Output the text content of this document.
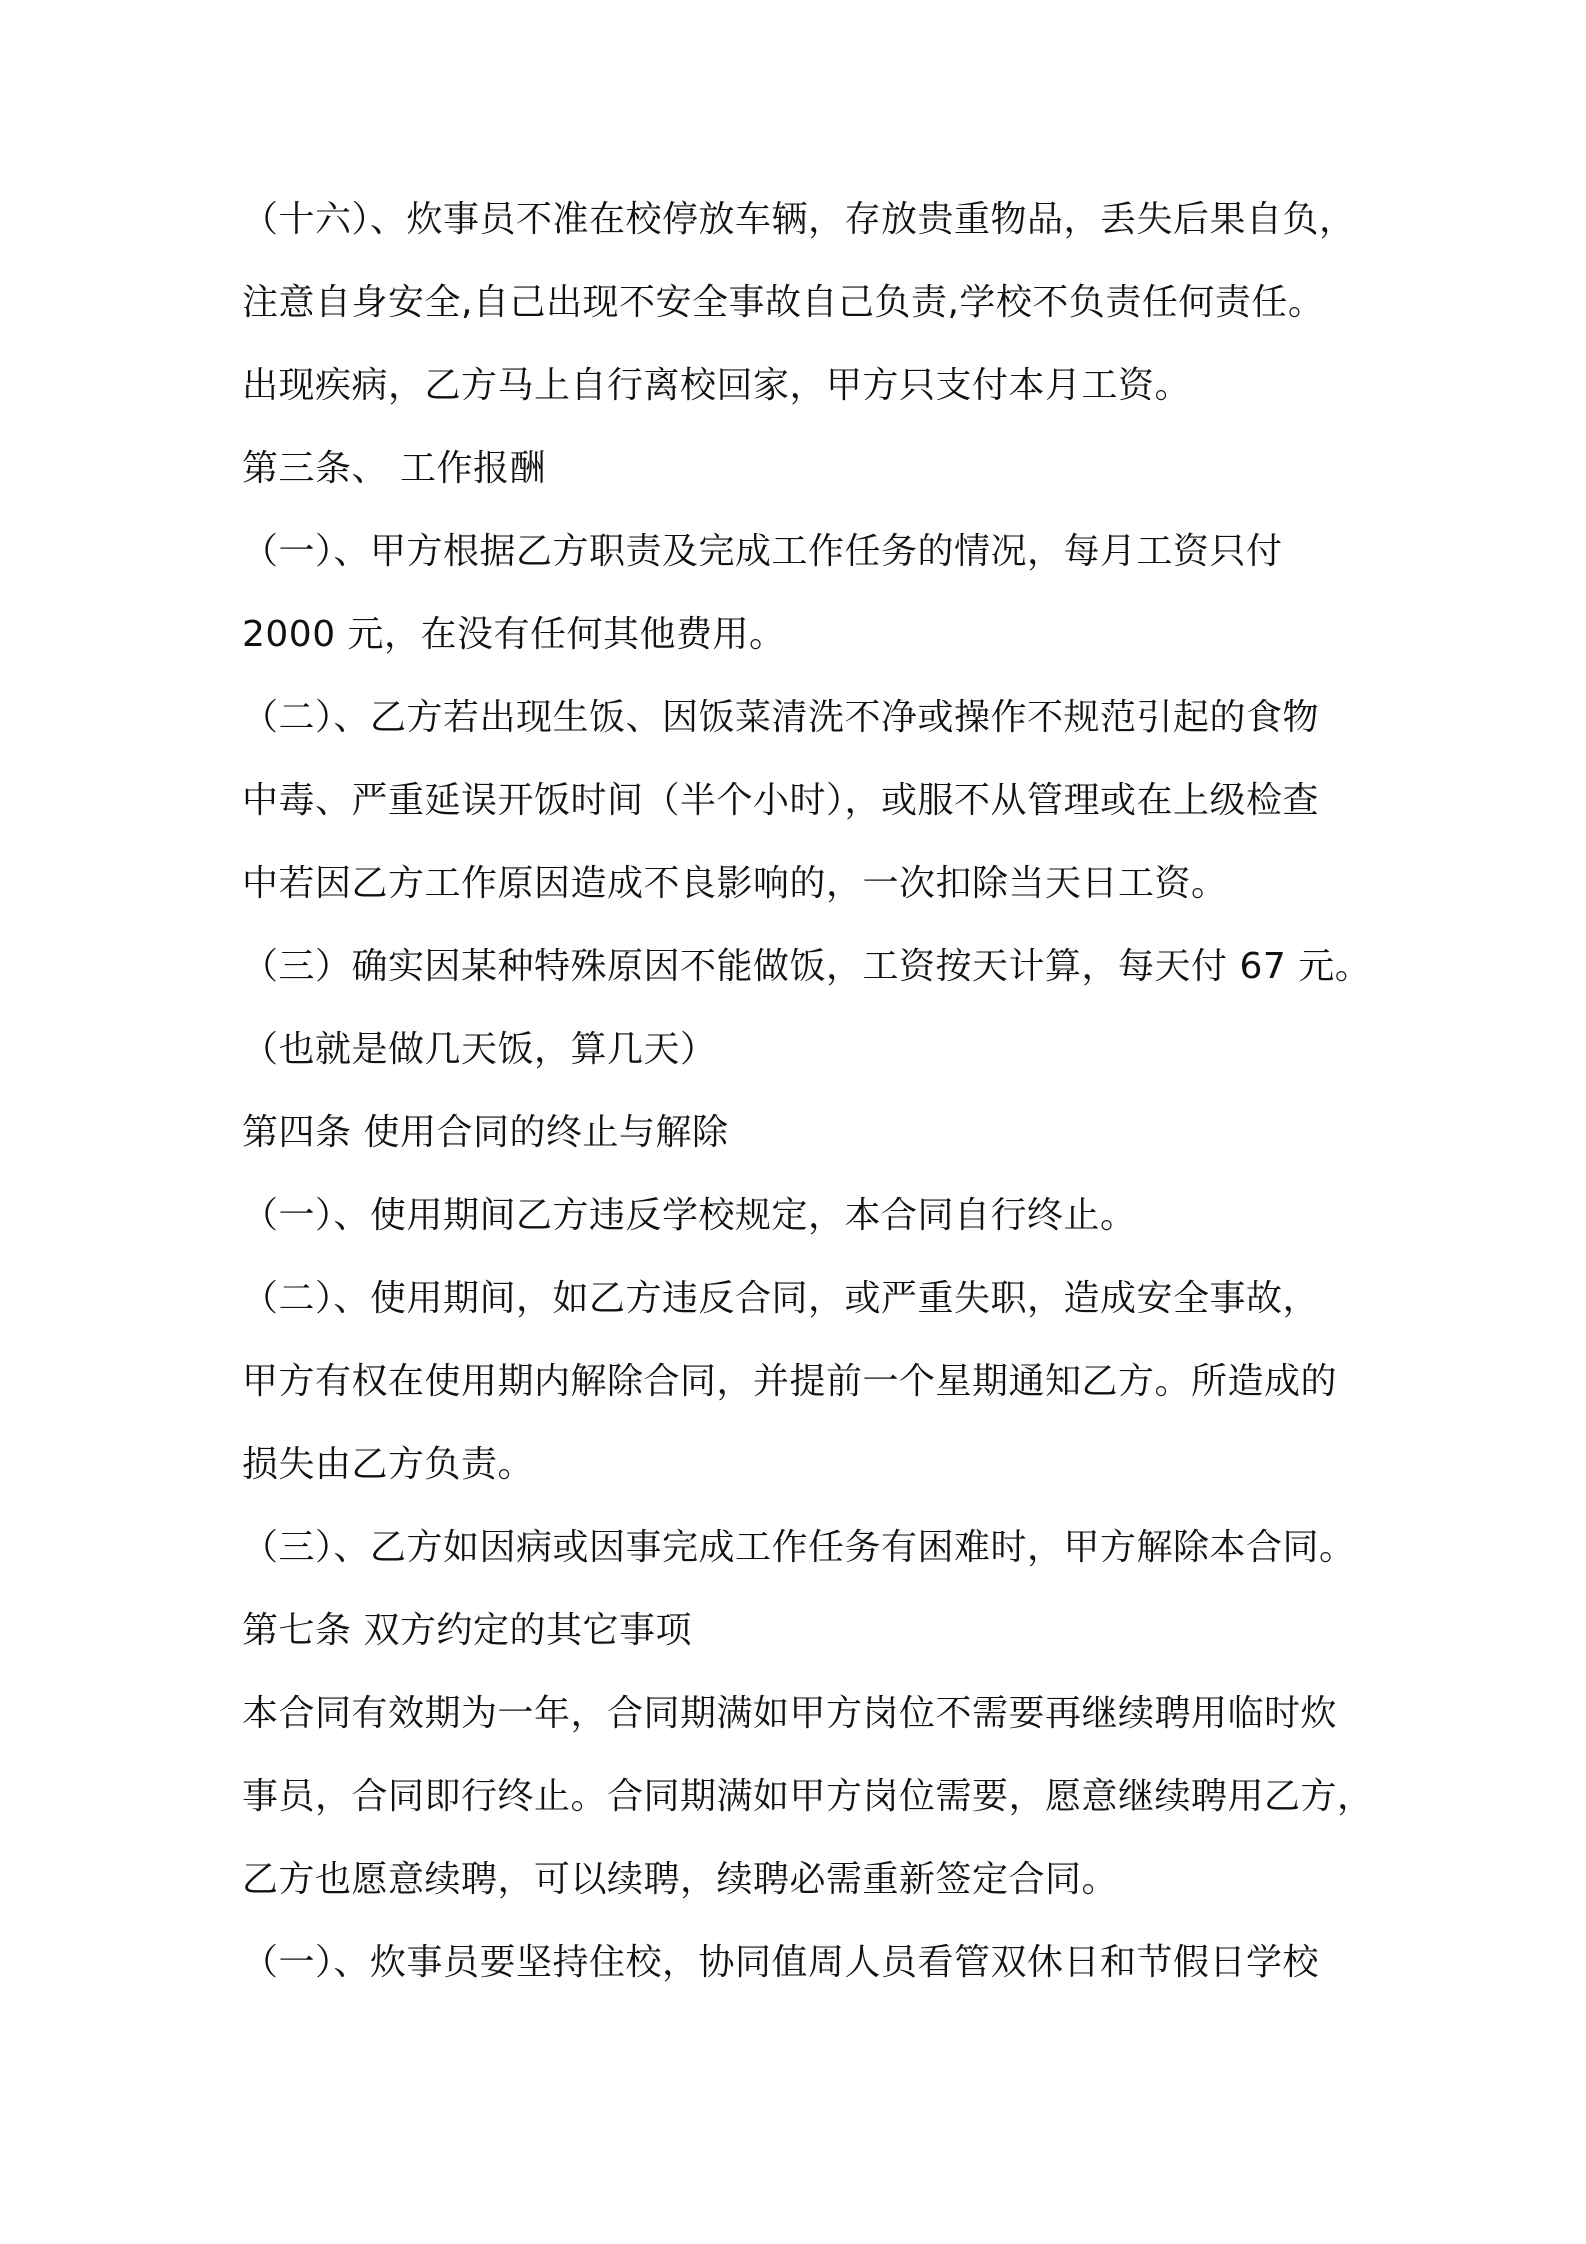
（十六）、炊事员不准在校停放车辆，存放贵重物品，丢失后果自负，
注意自身安全,自己出现不安全事故自己负责,学校不负责任何责任。
出现疾病，乙方马上自行离校回家，甲方只支付本月工资。
第三条、 工作报酬
（一）、甲方根据乙方职责及完成工作任务的情况，每月工资只付
2000 元，在没有任何其他费用。
（二）、乙方若出现生饭、因饭菜清洗不净或操作不规范引起的食物
中毒、严重延误开饭时间（半个小时），或服不从管理或在上级检查
中若因乙方工作原因造成不良影响的，一次扣除当天日工资。
（三）确实因某种特殊原因不能做饭，工资按天计算，每天付 67 元。
（也就是做几天饭，算几天）
第四条 使用合同的终止与解除
（一）、使用期间乙方违反学校规定，本合同自行终止。
（二）、使用期间，如乙方违反合同，或严重失职，造成安全事故，
甲方有权在使用期内解除合同，并提前一个星期通知乙方。所造成的
损失由乙方负责。
（三）、乙方如因病或因事完成工作任务有困难时，甲方解除本合同。
第七条 双方约定的其它事项
本合同有效期为一年，合同期满如甲方岗位不需要再继续聘用临时炊
事员，合同即行终止。合同期满如甲方岗位需要，愿意继续聘用乙方，
乙方也愿意续聘，可以续聘，续聘必需重新签定合同。
（一）、炊事员要坚持住校，协同值周人员看管双休日和节假日学校
